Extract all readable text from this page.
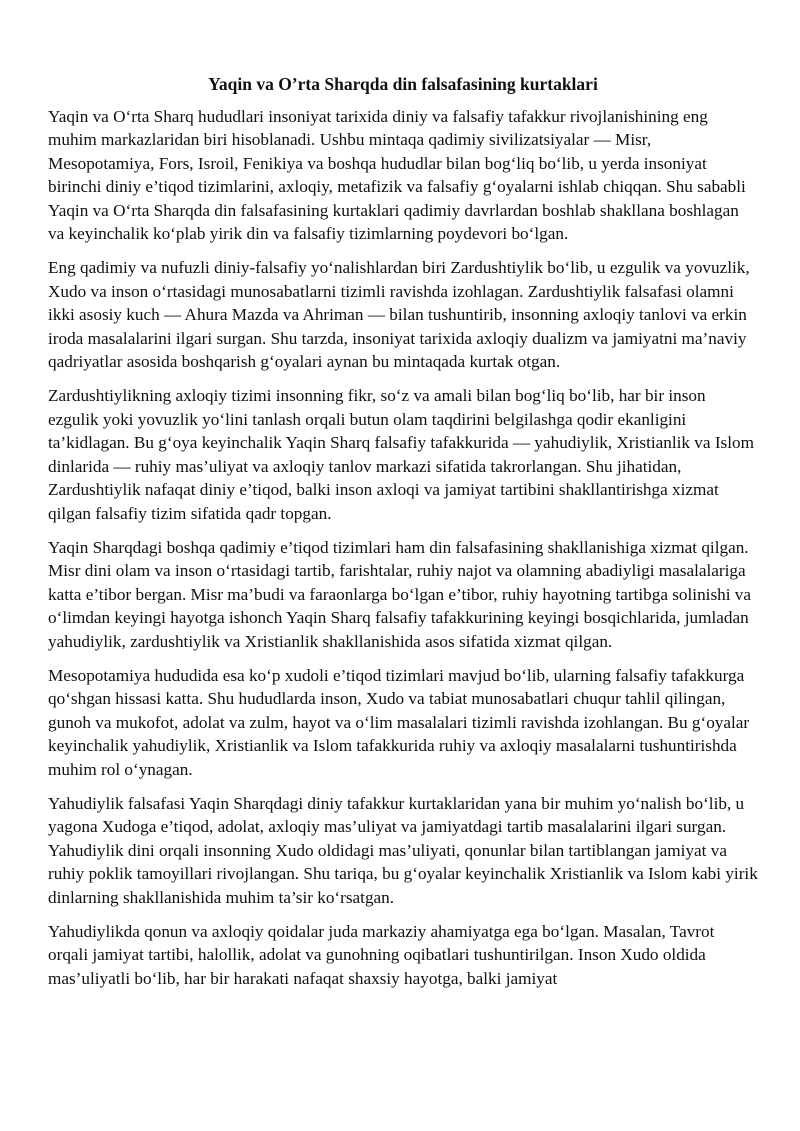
Yaqin va O’rta Sharqda din falsafasining kurtaklari

Yaqin va O‘rta Sharq hududlari insoniyat tarixida diniy va falsafiy tafakkur rivojlanishining eng muhim markazlaridan biri hisoblanadi. Ushbu mintaqa qadimiy sivilizatsiyalar — Misr, Mesopotamiya, Fors, Isroil, Fenikiya va boshqa hududlar bilan bog‘liq bo‘lib, u yerda insoniyat birinchi diniy e’tiqod tizimlarini, axloqiy, metafizik va falsafiy g‘oyalarni ishlab chiqqan. Shu sababli Yaqin va O‘rta Sharqda din falsafasining kurtaklari qadimiy davrlardan boshlab shakllana boshlagan va keyinchalik ko‘plab yirik din va falsafiy tizimlarning poydevori bo‘lgan.

Eng qadimiy va nufuzli diniy-falsafiy yo‘nalishlardan biri Zardushtiylik bo‘lib, u ezgulik va yovuzlik, Xudo va inson o‘rtasidagi munosabatlarni tizimli ravishda izohlagan. Zardushtiylik falsafasi olamni ikki asosiy kuch — Ahura Mazda va Ahriman — bilan tushuntirib, insonning axloqiy tanlovi va erkin iroda masalalarini ilgari surgan. Shu tarzda, insoniyat tarixida axloqiy dualizm va jamiyatni ma’naviy qadriyatlar asosida boshqarish g‘oyalari aynan bu mintaqada kurtak otgan.

Zardushtiylikning axloqiy tizimi insonning fikr, so‘z va amali bilan bog‘liq bo‘lib, har bir inson ezgulik yoki yovuzlik yo‘lini tanlash orqali butun olam taqdirini belgilashga qodir ekanligini ta’kidlagan. Bu g‘oya keyinchalik Yaqin Sharq falsafiy tafakkurida — yahudiylik, Xristianlik va Islom dinlarida — ruhiy mas’uliyat va axloqiy tanlov markazi sifatida takrorlangan. Shu jihatidan, Zardushtiylik nafaqat diniy e’tiqod, balki inson axloqi va jamiyat tartibini shakllantirishga xizmat qilgan falsafiy tizim sifatida qadr topgan.

Yaqin Sharqdagi boshqa qadimiy e’tiqod tizimlari ham din falsafasining shakllanishiga xizmat qilgan. Misr dini olam va inson o‘rtasidagi tartib, farishtalar, ruhiy najot va olamning abadiyligi masalalariga katta e’tibor bergan. Misr ma’budi va faraonlarga bo‘lgan e’tibor, ruhiy hayotning tartibga solinishi va o‘limdan keyingi hayotga ishonch Yaqin Sharq falsafiy tafakkurining keyingi bosqichlarida, jumladan yahudiylik, zardushtiylik va Xristianlik shakllanishida asos sifatida xizmat qilgan.

Mesopotamiya hududida esa ko‘p xudoli e’tiqod tizimlari mavjud bo‘lib, ularning falsafiy tafakkurga qo‘shgan hissasi katta. Shu hududlarda inson, Xudo va tabiat munosabatlari chuqur tahlil qilingan, gunoh va mukofot, adolat va zulm, hayot va o‘lim masalalari tizimli ravishda izohlangan. Bu g‘oyalar keyinchalik yahudiylik, Xristianlik va Islom tafakkurida ruhiy va axloqiy masalalarni tushuntirishda muhim rol o‘ynagan.

Yahudiylik falsafasi Yaqin Sharqdagi diniy tafakkur kurtaklaridan yana bir muhim yo‘nalish bo‘lib, u yagona Xudoga e’tiqod, adolat, axloqiy mas’uliyat va jamiyatdagi tartib masalalarini ilgari surgan. Yahudiylik dini orqali insonning Xudo oldidagi mas’uliyati, qonunlar bilan tartiblangan jamiyat va ruhiy poklik tamoyillari rivojlangan. Shu tariqa, bu g‘oyalar keyinchalik Xristianlik va Islom kabi yirik dinlarning shakllanishida muhim ta’sir ko‘rsatgan.

Yahudiylikda qonun va axloqiy qoidalar juda markaziy ahamiyatga ega bo‘lgan. Masalan, Tavrot orqali jamiyat tartibi, halollik, adolat va gunohning oqibatlari tushuntirilgan. Inson Xudo oldida mas’uliyatli bo‘lib, har bir harakati nafaqat shaxsiy hayotga, balki jamiyat
